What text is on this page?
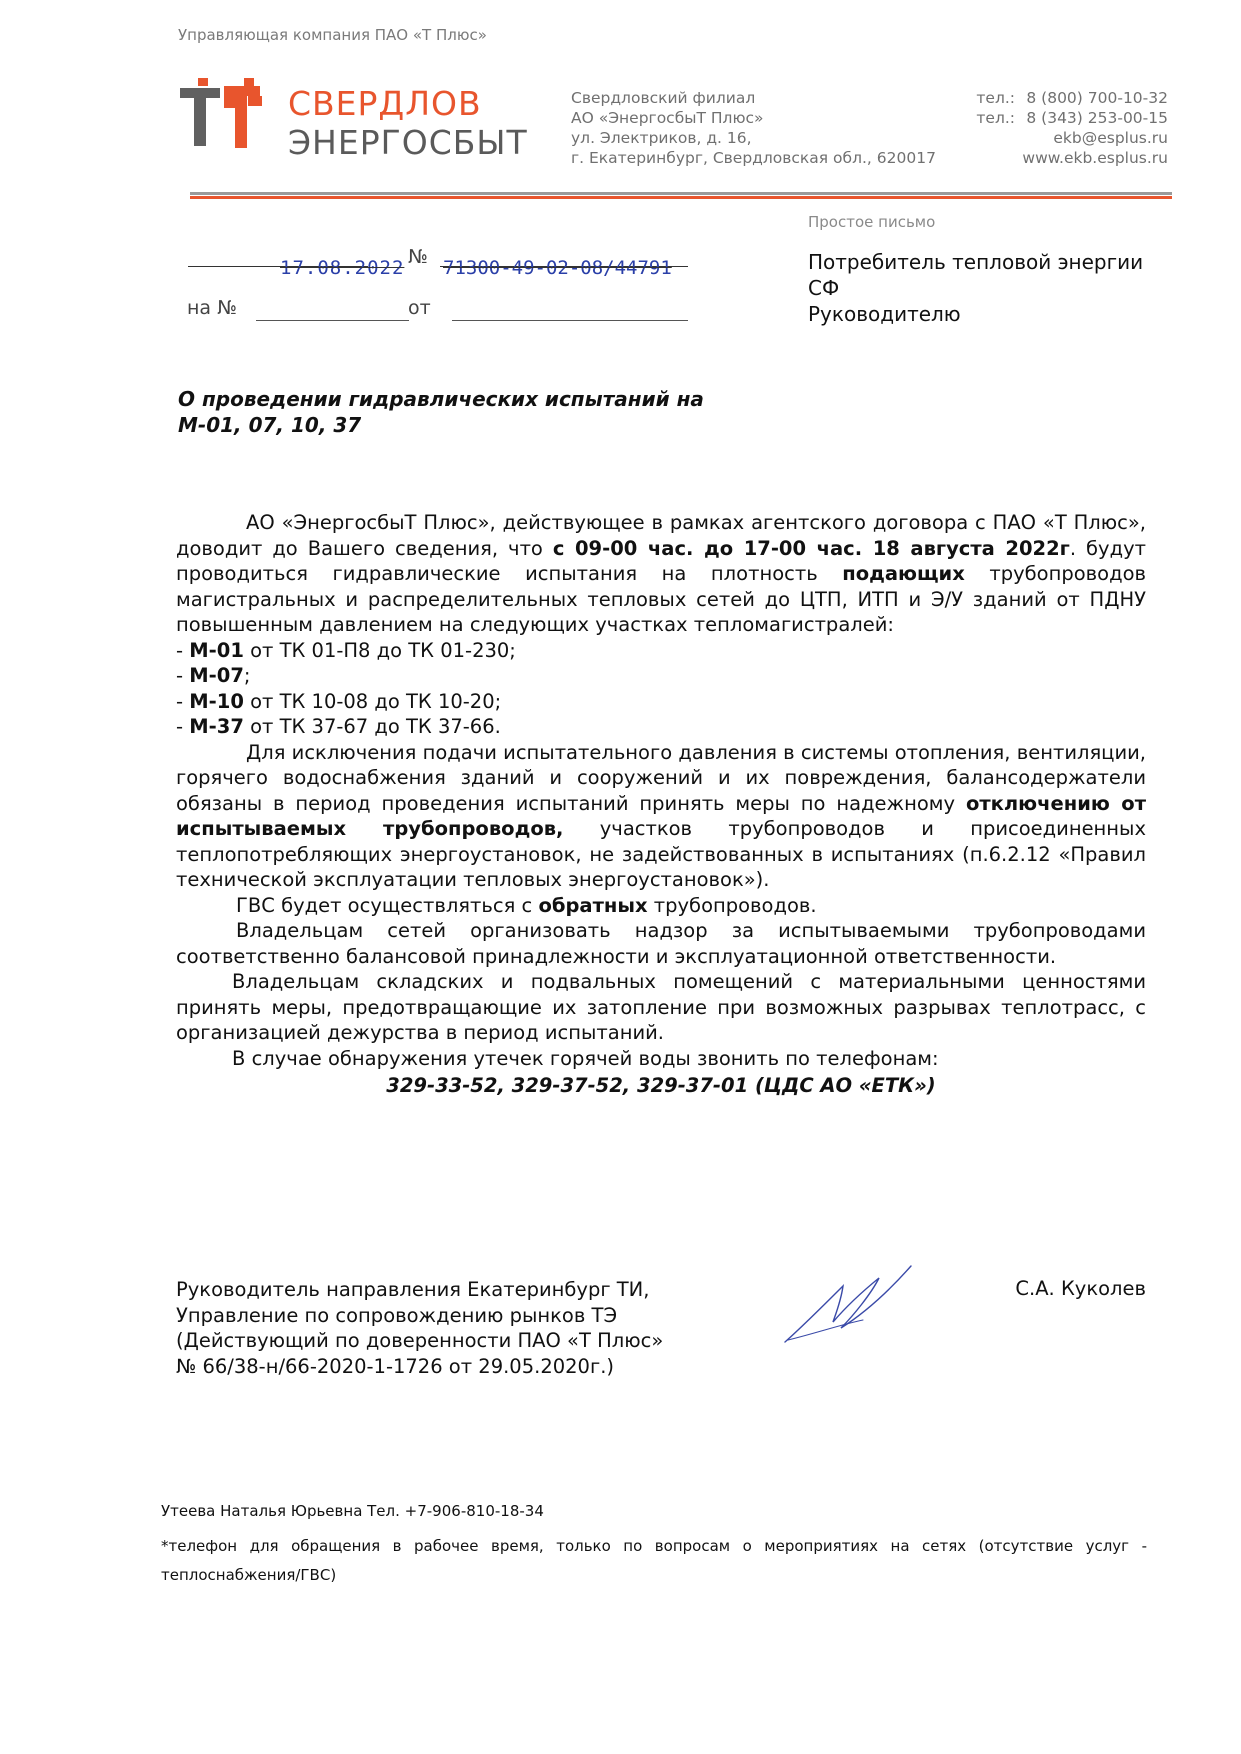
Управляющая компания ПАО «Т Плюс»
СВЕРДЛОВ
ЭНЕРГОСБЫТ
Свердловский филиал
АО «ЭнергосбыТ Плюс»
ул. Электриков, д. 16,
г. Екатеринбург, Свердловская обл., 620017
тел.: 8 (800) 700-10-32
тел.: 8 (343) 253-00-15
ekb@esplus.ru
www.ekb.esplus.ru
Простое письмо
17.08.2022 № 71300-49-02-08/44791
на №	от
Потребитель тепловой энергии
СФ
Руководителю
О проведении гидравлических испытаний на
М-01, 07, 10, 37

АО «ЭнергосбыТ Плюс», действующее в рамках агентского договора с ПАО «Т Плюс», доводит до Вашего сведения, что с 09-00 час. до 17-00 час. 18 августа 2022г. будут проводиться гидравлические испытания на плотность подающих трубопроводов магистральных и распределительных тепловых сетей до ЦТП, ИТП и Э/У зданий от ПДНУ повышенным давлением на следующих участках тепломагистралей:

- М-01 от ТК 01-П8 до ТК 01-230;

- М-07;

- М-10 от ТК 10-08 до ТК 10-20;

- М-37 от ТК 37-67 до ТК 37-66.

Для исключения подачи испытательного давления в системы отопления, вентиляции, горячего водоснабжения зданий и сооружений и их повреждения, балансодержатели обязаны в период проведения испытаний принять меры по надежному отключению от испытываемых трубопроводов, участков трубопроводов и присоединенных теплопотребляющих энергоустановок, не задействованных в испытаниях (п.6.2.12 «Правил технической эксплуатации тепловых энергоустановок»).

ГВС будет осуществляться с обратных трубопроводов.

Владельцам сетей организовать надзор за испытываемыми трубопроводами соответственно балансовой принадлежности и эксплуатационной ответственности.

Владельцам складских и подвальных помещений с материальными ценностями принять меры, предотвращающие их затопление при возможных разрывах теплотрасс, с организацией дежурства в период испытаний.

В случае обнаружения утечек горячей воды звонить по телефонам:

329-33-52, 329-37-52, 329-37-01 (ЦДС АО «ЕТК»)

Руководитель направления Екатеринбург ТИ,
Управление по сопровождению рынков ТЭ
(Действующий по доверенности ПАО «Т Плюс»
№ 66/38-н/66-2020-1-1726 от 29.05.2020г.)
С.А. Куколев
Утеева Наталья Юрьевна Тел. +7-906-810-18-34
*телефон для обращения в рабочее время, только по вопросам о мероприятиях на сетях (отсутствие услуг - теплоснабжения/ГВС)
